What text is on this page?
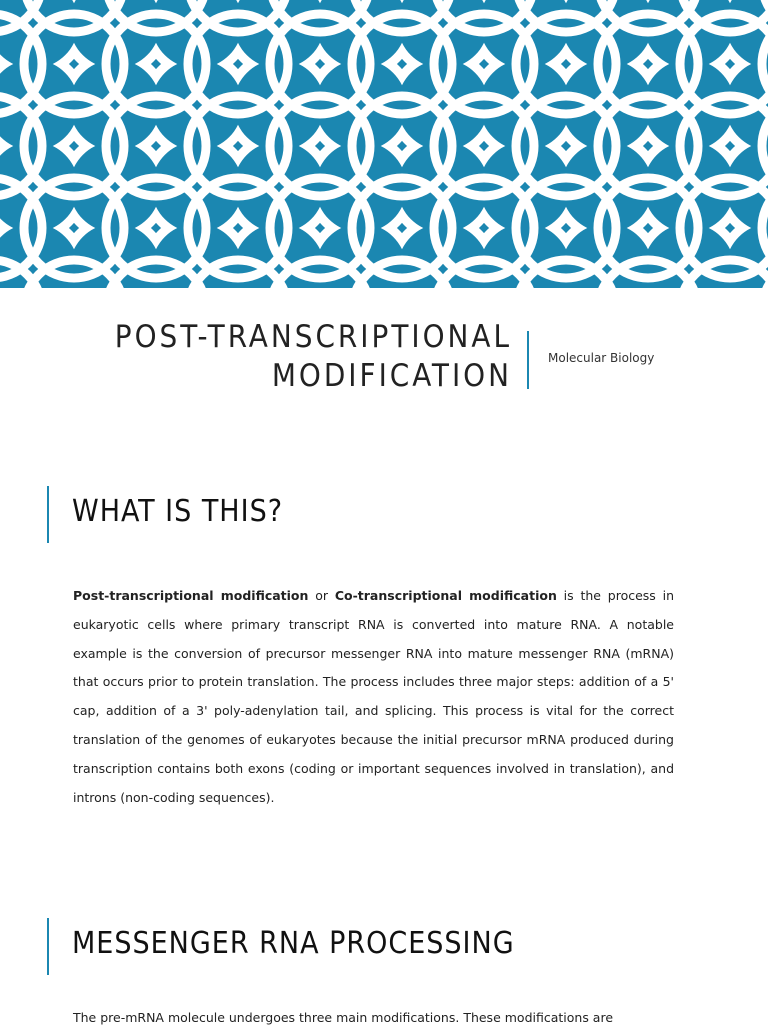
POST-TRANSCRIPTIONAL
MODIFICATION	Molecular Biology
WHAT IS THIS?

Post-transcriptional modification or Co-transcriptional modification is the process in eukaryotic cells where primary transcript RNA is converted into mature RNA. A notable example is the conversion of precursor messenger RNA into mature messenger RNA (mRNA) that occurs prior to protein translation. The process includes three major steps: addition of a 5' cap, addition of a 3' poly-adenylation tail, and splicing. This process is vital for the correct translation of the genomes of eukaryotes because the initial precursor mRNA produced during transcription contains both exons (coding or important sequences involved in translation), and introns (non-coding sequences).

MESSENGER RNA PROCESSING

The pre-mRNA molecule undergoes three main modifications. These modifications are
